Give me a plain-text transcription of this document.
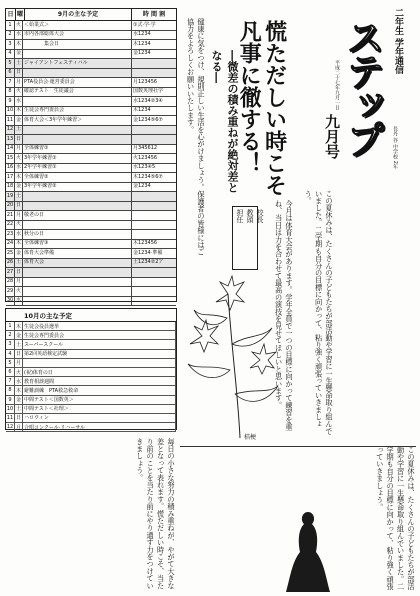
日 曜	9月の主な予定	時 間 割
1 火 ＜始業式＞	①式·学·学
2 水 市内各部総体大会	水1234
3 木 　　　　集会日	木1234
4 金	金1234
5 土 ジャイアントフェスティバル
6 日
7 月 PTA役員会·運営委員会	月123456
8 火 確認テスト　生徒議会	国数英理社学
9 水	水1234②3④
10 木 生徒会専門委員会	木1234
11 金 体育大会＜3年学年練習＞	金1234⑤6⑦
12 土
13 日
14 月 全体練習①	月345612
15 火 3年学年練習①	火123456
16 水 2年学年練習①	水123④5
17 木 全体練習②	木1234⑤6⑦
18 金 3年学年練習②	金1234
19 土
20 日
21 月 敬老の日
22 火
23 水 秋分の日
24 木 全体練習③	木123456
25 金 体育大会準備	金1234·準備
26 土 体育大会	土1234②2ア
27 日
28 月
29 火
30 水
10月の主な予定
1 木 生徒会役員選挙
2 金 生徒会専門委員会
3 土 スーパースクール
4 日 第2回英語検定試験
5 月
6 火 (祝)体育の日
7 水 教育相談週間
8 木 避難訓練　PTA救急救命
9 金 中間テスト＜国数英＞
10 土 中間テスト＜社理＞
11 日 ハロウィン
12 月 合唱コンクール·リハーサル
二年生 学年通信
ステップ
九月号	長丹 谷 中学校 2年
平成二十七年九月一日
慌ただしい時こそ
凡事に徹する！
―微差の積み重ねが絶対差となる―
この夏休みは、たくさんの子どもたちが部活動や学習に一生懸命取り組んでいました。二学期も自分の目標に向かって、粘り強く頑張っていきましょう。
今月は体育大会があります。学年全員で一つの目標に向かって練習を重ね、当日は力を合わせて最高の演技を見せてほしいと思います。
健康に気をつけ、規則正しい生活を心がけましょう。保護者の皆様にはご協力をよろしくお願いいたします。
毎日の小さな努力の積み重ねが、やがて大きな差となって表れます。慌ただしい時こそ、当たり前のことを当たり前にやり通す力をつけていきましょう。	この夏休みは、たくさんの子どもたちが部活動や学習に一生懸命取り組んでいました。二学期も自分の目標に向かって、粘り強く頑張っていきましょう。
校長
教頭
担任
桔梗
